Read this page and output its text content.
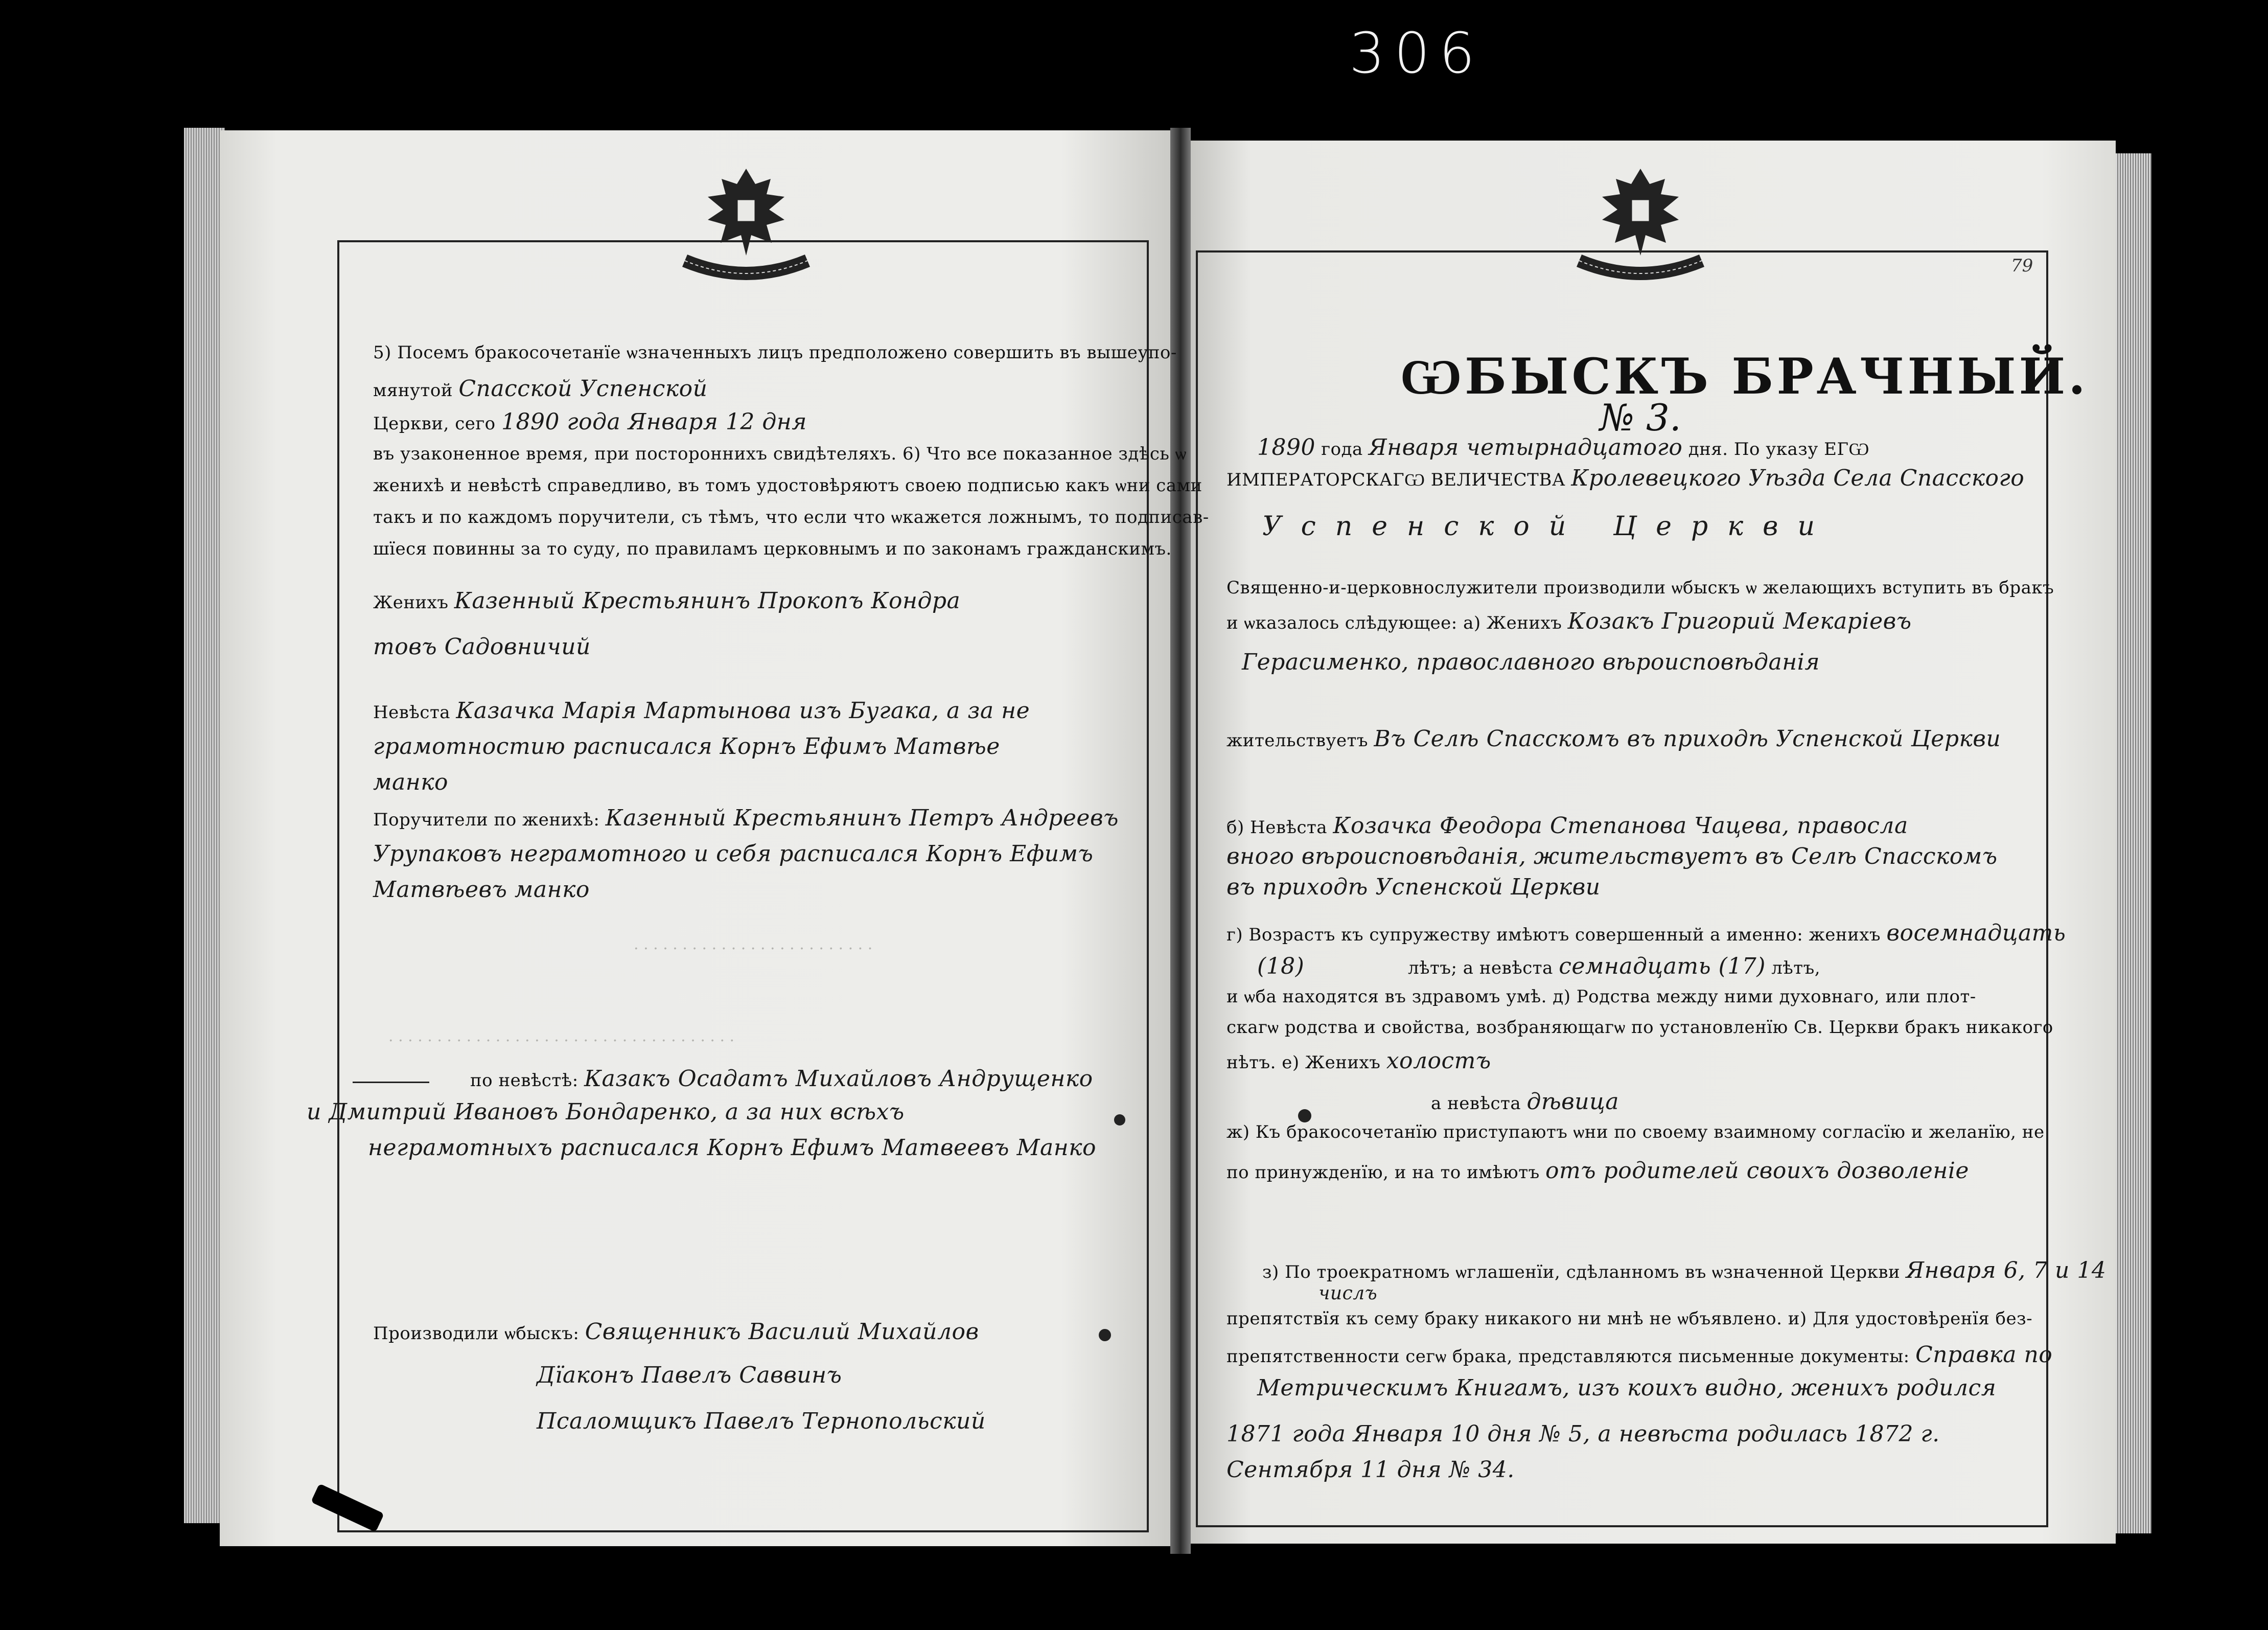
306
79
5) Посемъ бракосочетанïе ѡзначенныхъ лицъ предположено совершить въ вышеупо-
мянутой Спасской Успенской
Церкви, сего 1890 года Января 12 дня
въ узаконенное время, при постороннихъ свидѣтеляхъ. 6) Что все показанное здѣсь ѡ
женихѣ и невѣстѣ справедливо, въ томъ удостовѣряютъ своею подписью какъ ѡни сами
такъ и по каждомъ поручители, съ тѣмъ, что если что ѡкажется ложнымъ, то подписав-
шïеся повинны за то суду, по правиламъ церковнымъ и по законамъ гражданскимъ.
Женихъ Казенный Крестьянинъ Прокопъ Кондра
товъ Садовничий
Невѣста Казачка Марiя Мартынова изъ Бугака, а за не
грамотностию расписался Корнъ Ефимъ Матвѣе
манко
Поручители по женихѣ: Казенный Крестьянинъ Петръ Андреевъ
Урупаковъ неграмотного и себя расписался Корнъ Ефимъ
Матвѣевъ манко
. . . . . . . . . . . . . . . . . . . . . . . . .
. . . . . . . . . . . . . . . . . . . . . . . . . . . . . . . . . . . .
по невѣстѣ: Казакъ Осадатъ Михайловъ Андрущенко
и Дмитрий Ивановъ Бондаренко, а за них всѣхъ
неграмотныхъ расписался Корнъ Ефимъ Матвеевъ Манко
Производили ѡбыскъ: Священникъ Василий Михайлов
Дïаконъ Павелъ Саввинъ
Псаломщикъ Павелъ Тернопольский
ѠБЫСКЪ БРАЧНЫЙ.
№ 3.
1890 года Января четырнадцатого дня. По указу ЕГѠ
ИМПЕРАТОРСКАГѠ ВЕЛИЧЕСТВА Кролевецкого Уѣзда Села Спасского
Успенской Церкви
Священно-и-церковнослужители производили ѡбыскъ ѡ желающихъ вступить въ бракъ
и ѡказалось слѣдующее: а) Женихъ Козакъ Григорий Мекарiевъ
Герасименко, православного вѣроисповѣданiя
жительствуетъ Въ Селѣ Спасскомъ въ приходѣ Успенской Церкви
б) Невѣста Козачка Феодора Степанова Чацева, правосла
вного вѣроисповѣданiя, жительствуетъ въ Селѣ Спасскомъ
въ приходѣ Успенской Церкви
г) Возрастъ къ супружеству имѣютъ совершенный а именно: женихъ восемнадцать
(18)	лѣтъ; а невѣста семнадцать (17) лѣтъ,
и ѡба находятся въ здравомъ умѣ. д) Родства между ними духовнаго, или плот-
скагѡ родства и свойства, возбраняющагѡ по установленïю Св. Церкви бракъ никакого
нѣтъ. е) Женихъ холостъ
а невѣста дѣвица
ж) Къ бракосочетанïю приступаютъ ѡни по своему взаимному согласïю и желанïю, не
по принужденïю, и на то имѣютъ отъ родителей своихъ дозволенiе
з) По троекратномъ ѡглашенïи, сдѣланномъ въ ѡзначенной Церкви Января 6, 7 и 14
числъ
препятствïя къ сему браку никакого ни мнѣ не ѡбъявлено. и) Для удостовѣренïя без-
препятственности сегѡ брака, представляются письменные документы: Справка по
Метрическимъ Книгамъ, изъ коихъ видно, женихъ родился
1871 года Января 10 дня № 5, а невѣста родилась 1872 г.
Сентября 11 дня № 34.
